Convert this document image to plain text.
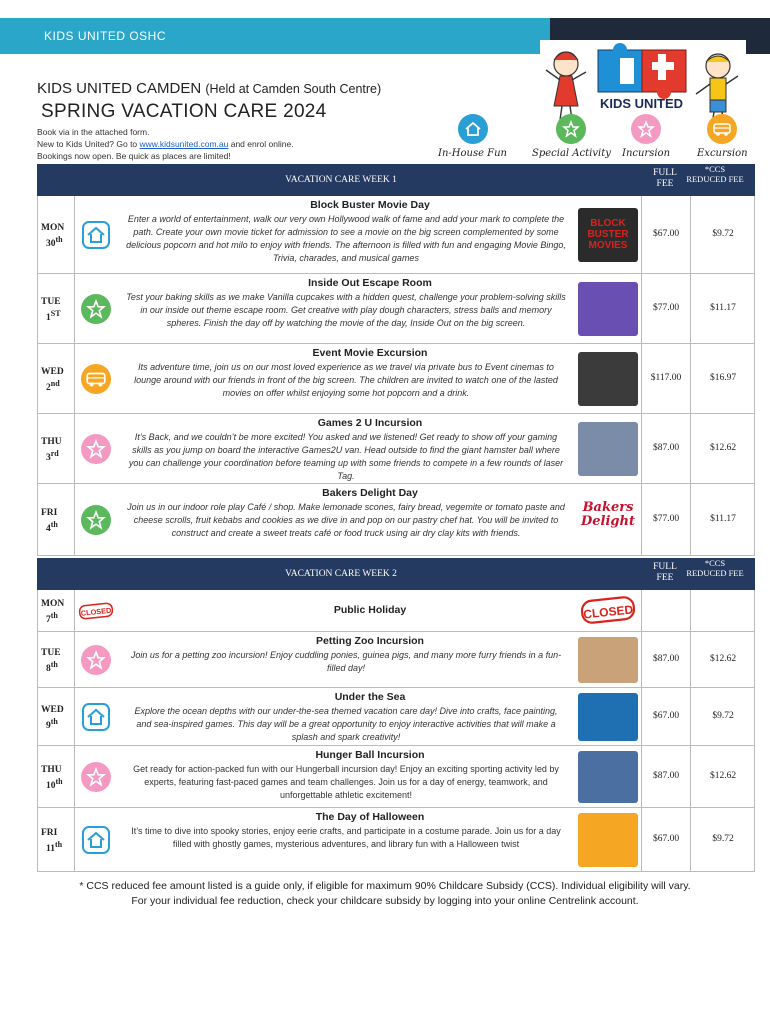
KIDS UNITED OSHC
KIDS UNITED
KIDS UNITED CAMDEN (Held at Camden South Centre)
SPRING VACATION CARE 2024
Book via in the attached form.
New to Kids United? Go to www.kidsunited.com.au and enrol online.
Bookings now open. Be quick as places are limited!	In-House Fun	Special Activity Incursion	Excursion
VACATION CARE WEEK 1
FULL FEE
*CCS REDUCED FEE
MON
30th
Block Buster Movie Day
Enter a world of entertainment, walk our very own Hollywood walk of fame and add your mark to complete the path. Create your own movie ticket for admission to see a movie on the big screen complemented by some delicious popcorn and hot milo to enjoy with friends. The afternoon is filled with fun and engaging Movie Bingo, Trivia, charades, and musical games
BLOCK BUSTER MOVIES
$67.00	$9.72
TUE
1ST
Inside Out Escape Room
Test your baking skills as we make Vanilla cupcakes with a hidden quest, challenge your problem-solving skills in our inside out theme escape room. Get creative with play dough characters, stress balls and memory spheres. Finish the day off by watching the movie of the day, Inside Out on the big screen.
$77.00	$11.17
WED
2nd
Event Movie Excursion
Its adventure time, join us on our most loved experience as we travel via private bus to Event cinemas to lounge around with our friends in front of the big screen. The children are invited to watch one of the lasted movies on offer whilst enjoying some hot popcorn and a drink.
$117.00	$16.97
THU
3rd
Games 2 U Incursion
It’s Back, and we couldn’t be more excited! You asked and we listened! Get ready to show off your gaming skills as you jump on board the interactive Games2U van. Head outside to find the giant hamster ball where you can challenge your coordination before teaming up with some friends to compete in a few rounds of laser Tag.
$87.00	$12.62
FRI
4th
Bakers Delight Day
Join us in our indoor role play Café / shop. Make lemonade scones, fairy bread, vegemite or tomato paste and cheese scrolls, fruit kebabs and cookies as we dive in and pop on our pastry chef hat. You will be invited to construct and create a sweet treats café or food truck using air dry clay kits with friends.
Bakers Delight	$77.00	$11.17
VACATION CARE WEEK 2
FULL FEE
*CCS REDUCED FEE
MON
7th	CLOSED	Public Holiday	CLOSED
TUE
8th
Petting Zoo Incursion
Join us for a petting zoo incursion! Enjoy cuddling ponies, guinea pigs, and many more furry friends in a fun-filled day!
$87.00	$12.62
WED
9th
Under the Sea
Explore the ocean depths with our under-the-sea themed vacation care day! Dive into crafts, face painting, and sea-inspired games. This day will be a great opportunity to enjoy interactive activities that will make a splash and spark creativity!
$67.00	$9.72
THU
10th
Hunger Ball Incursion
Get ready for action-packed fun with our Hungerball incursion day! Enjoy an exciting sporting activity led by experts, featuring fast-paced games and team challenges. Join us for a day of energy, teamwork, and unforgettable athletic excitement!
$87.00	$12.62
FRI
11th
The Day of Halloween
It’s time to dive into spooky stories, enjoy eerie crafts, and participate in a costume parade. Join us for a day filled with ghostly games, mysterious adventures, and library fun with a Halloween twist	$67.00	$9.72
* CCS reduced fee amount listed is a guide only, if eligible for maximum 90% Childcare Subsidy (CCS). Individual eligibility will vary.
For your individual fee reduction, check your childcare subsidy by logging into your online Centrelink account.
